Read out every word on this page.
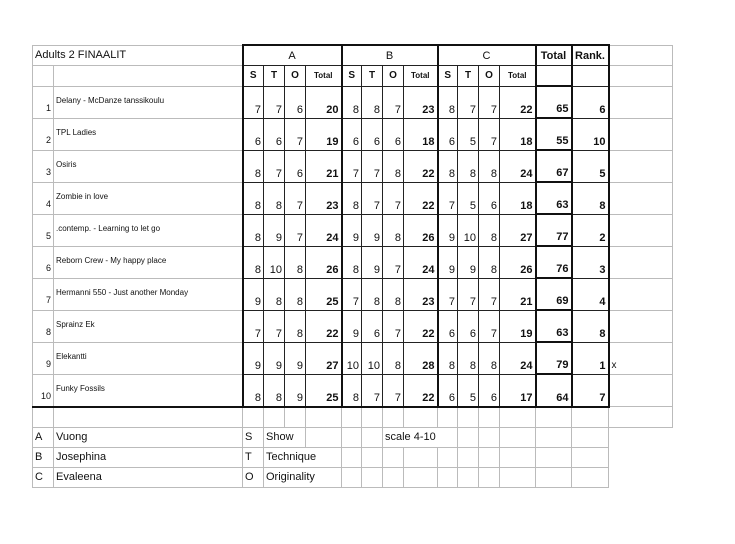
Adults 2 FINAALIT		A				B				C				Total	Rank.	
		S	T	O	Total	S	T	O	Total	S	T	O	Total			
1	Delany - McDanze tanssikoulu	7	7	6	20	8	8	7	23	8	7	7	22	65	6	
2	TPL Ladies	6	6	7	19	6	6	6	18	6	5	7	18	55	10	
3	Osiris	8	7	6	21	7	7	8	22	8	8	8	24	67	5	
4	Zombie in love	8	8	7	23	8	7	7	22	7	5	6	18	63	8	
5	.contemp. - Learning to let go	8	9	7	24	9	9	8	26	9	10	8	27	77	2	
6	Reborn Crew - My happy place	8	10	8	26	8	9	7	24	9	9	8	26	76	3	
7	Hermanni 550 - Just another Monday	9	8	8	25	7	8	8	23	7	7	7	21	69	4	
8	Sprainz Ek	7	7	8	22	9	6	7	22	6	6	7	19	63	8	
9	Elekantti	9	9	9	27	10	10	8	28	8	8	8	24	79	1	x
10	Funky Fossils	8	8	9	25	8	7	7	22	6	5	6	17	64	7	

A	Vuong	S	Show					scale 4-10								
B	Josephina	T	Technique													
C	Evaleena	O	Originality													
